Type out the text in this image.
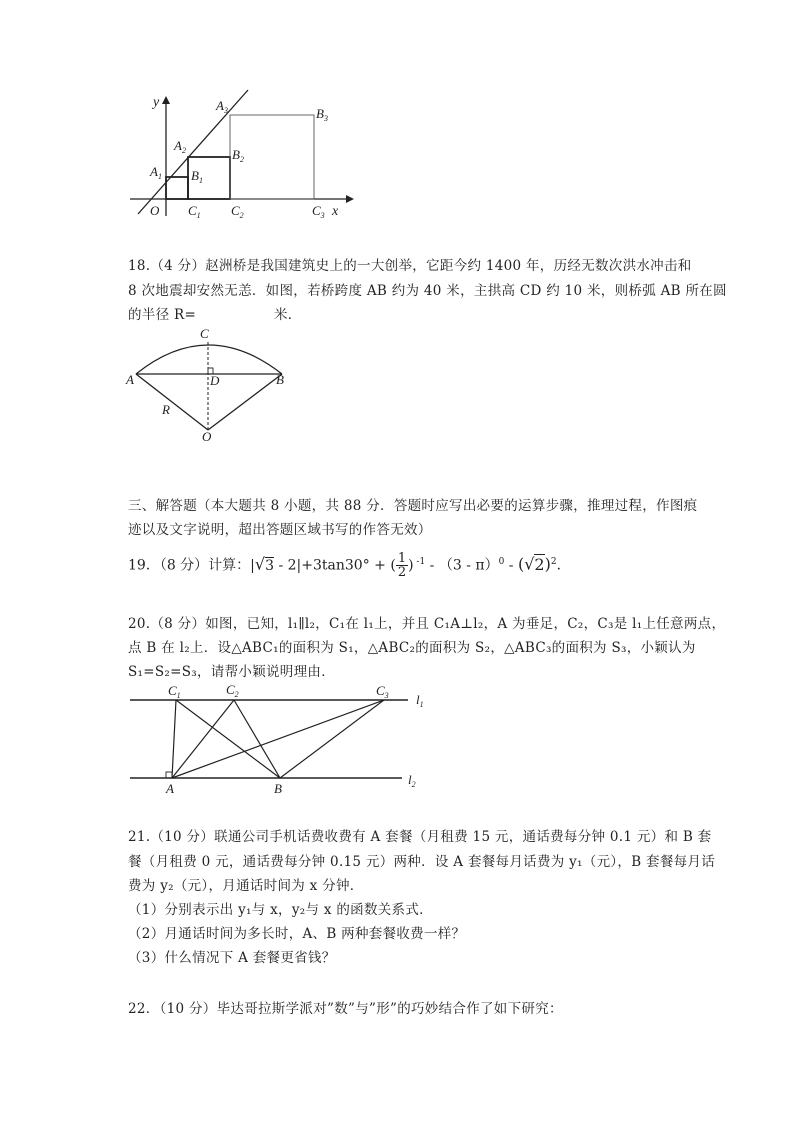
y	$A_3$	$B_3$
$A_2$	$B_2$
$A_1$ $B_1$
O $C_1$ $C_2$	$C_3$ x
18.（4 分）赵洲桥是我国建筑史上的一大创举，它距今约 1400 年，历经无数次洪水冲击和
8 次地震却安然无恙．如图，若桥跨度 AB 约为 40 米，主拱高 CD 约 10 米，则桥弧 AB 所在圆
的半径 R=	米．
C
A	D	B
R
O
三、解答题（本大题共 8 小题，共 88 分．答题时应写出必要的运算步骤，推理过程，作图痕
迹以及文字说明，超出答题区域书写的作答无效）
19．（8 分）计算：|√3 - 2|+3tan30° + ( $\frac{1}{2}$ ) $^{-1} - (3 - \pi)^0 - (√2)^2$．
20.（8 分）如图，已知，l₁∥l₂，C₁在 l₁上，并且 C₁A⊥l₂，A 为垂足，C₂，C₃是 l₁上任意两点，
点 B 在 l₂上．设△ABC₁的面积为 S₁，△ABC₂的面积为 S₂，△ABC₃的面积为 S₃，小颖认为
S₁=S₂=S₃，请帮小颖说明理由．
$C_1$	$C_2$	$C_3$ $l_1$
$l_2$
A	B
21.（10 分）联通公司手机话费收费有 A 套餐（月租费 15 元，通话费每分钟 0.1 元）和 B 套
餐（月租费 0 元，通话费每分钟 0.15 元）两种．设 A 套餐每月话费为 y₁（元），B 套餐每月话
费为 y₂（元），月通话时间为 x 分钟．
（1）分别表示出 y₁与 x，y₂与 x 的函数关系式．
（2）月通话时间为多长时，A、B 两种套餐收费一样？
（3）什么情况下 A 套餐更省钱？
22．（10 分）毕达哥拉斯学派对”数”与”形”的巧妙结合作了如下研究：
